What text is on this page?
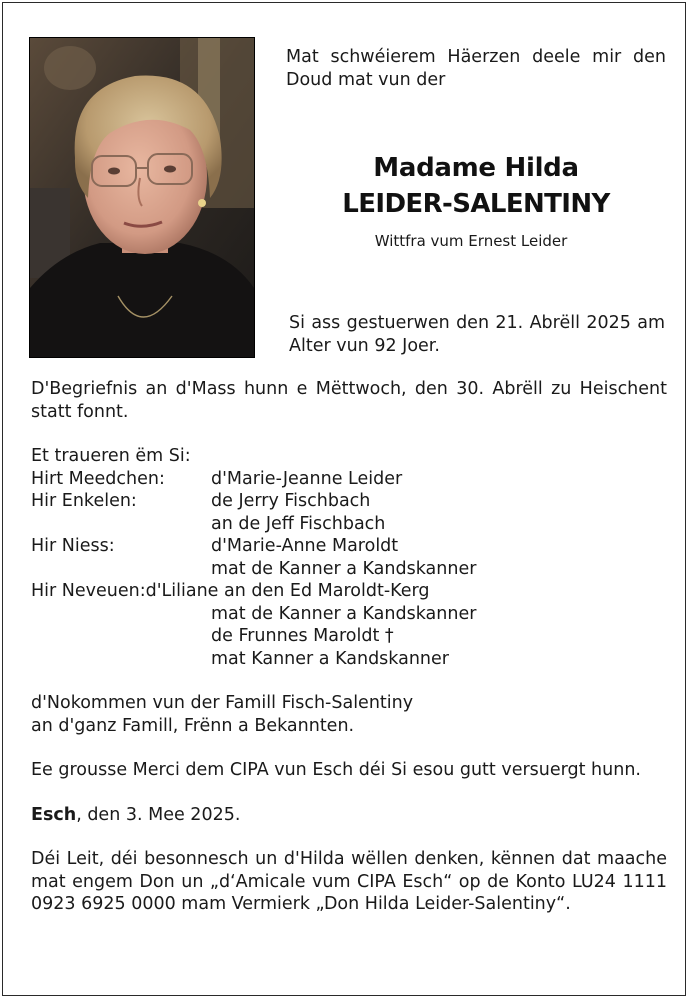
Mat schwéierem Häerzen deele mir den Doud mat vun der
Madame Hilda
LEIDER-SALENTINY
Wittfra vum Ernest Leider
Si ass gestuerwen den 21. Abrëll 2025 am Alter vun 92 Joer.

D'Begriefnis an d'Mass hunn e Mëttwoch, den 30. Abrëll zu Heischent statt fonnt.

Et traueren ëm Si:
Hirt Meedchen:	d'Marie-Jeanne Leider
Hir Enkelen:	de Jerry Fischbach
an de Jeff Fischbach
Hir Niess:	d'Marie-Anne Maroldt
mat de Kanner a Kandskanner
Hir Neveuen: d'Liliane an den Ed Maroldt-Kerg
mat de Kanner a Kandskanner
de Frunnes Maroldt †
mat Kanner a Kandskanner
d'Nokommen vun der Famill Fisch-Salentiny
an d'ganz Famill, Frënn a Bekannten.

Ee grousse Merci dem CIPA vun Esch déi Si esou gutt versuergt hunn.

Esch, den 3. Mee 2025.

Déi Leit, déi besonnesch un d'Hilda wëllen denken, kënnen dat maache mat engem Don un „d‘Amicale vum CIPA Esch“ op de Konto LU24 1111 0923 6925 0000 mam Vermierk „Don Hilda Leider-Salentiny“.
